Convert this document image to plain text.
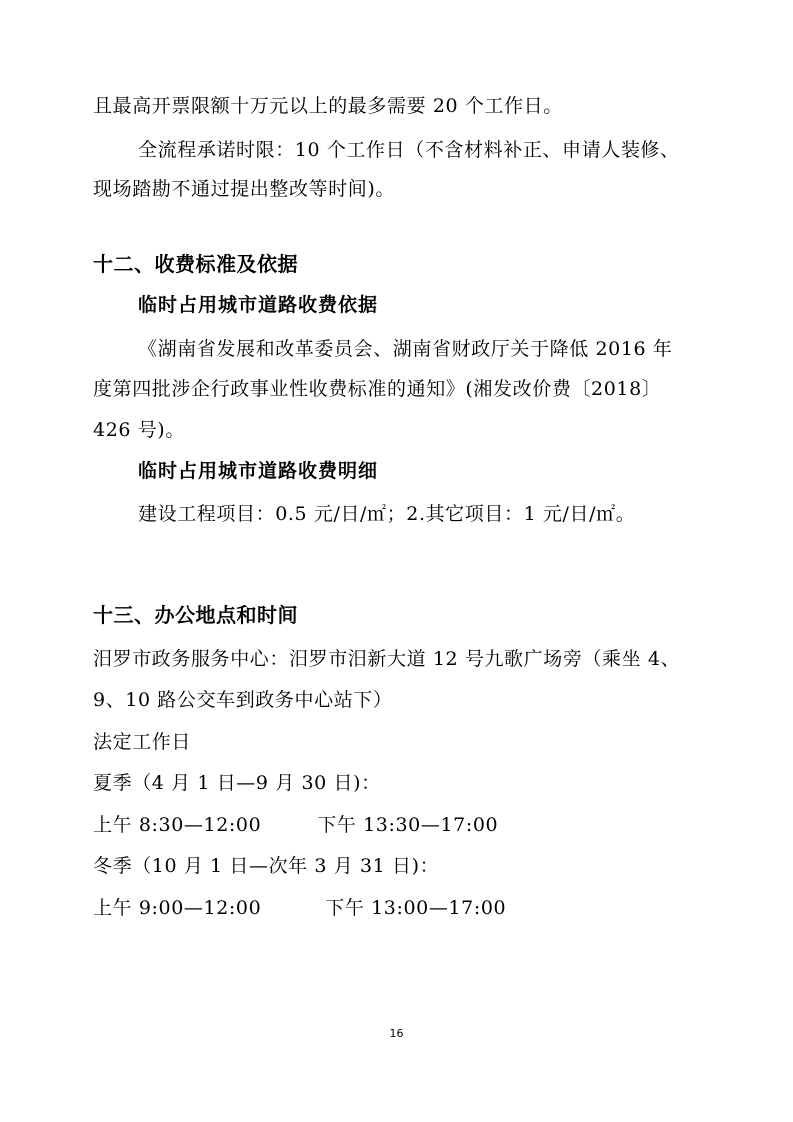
且最高开票限额十万元以上的最多需要 20 个工作日。
全流程承诺时限：10 个工作日（不含材料补正、申请人装修、
现场踏勘不通过提出整改等时间)。
十二、收费标准及依据
临时占用城市道路收费依据
《湖南省发展和改革委员会、湖南省财政厅关于降低 2016 年
度第四批涉企行政事业性收费标准的通知》(湘发改价费〔2018〕
426 号)。
临时占用城市道路收费明细
建设工程项目：0.5 元/日/㎡；2.其它项目：1 元/日/㎡。
十三、办公地点和时间
汨罗市政务服务中心：汨罗市汨新大道 12 号九歌广场旁（乘坐 4、
9、10 路公交车到政务中心站下）
法定工作日
夏季（4 月 1 日—9 月 30 日)：
上午 8:30—12:00	下午 13:30—17:00
冬季（10 月 1 日—次年 3 月 31 日)：
上午 9:00—12:00	下午 13:00—17:00
16
